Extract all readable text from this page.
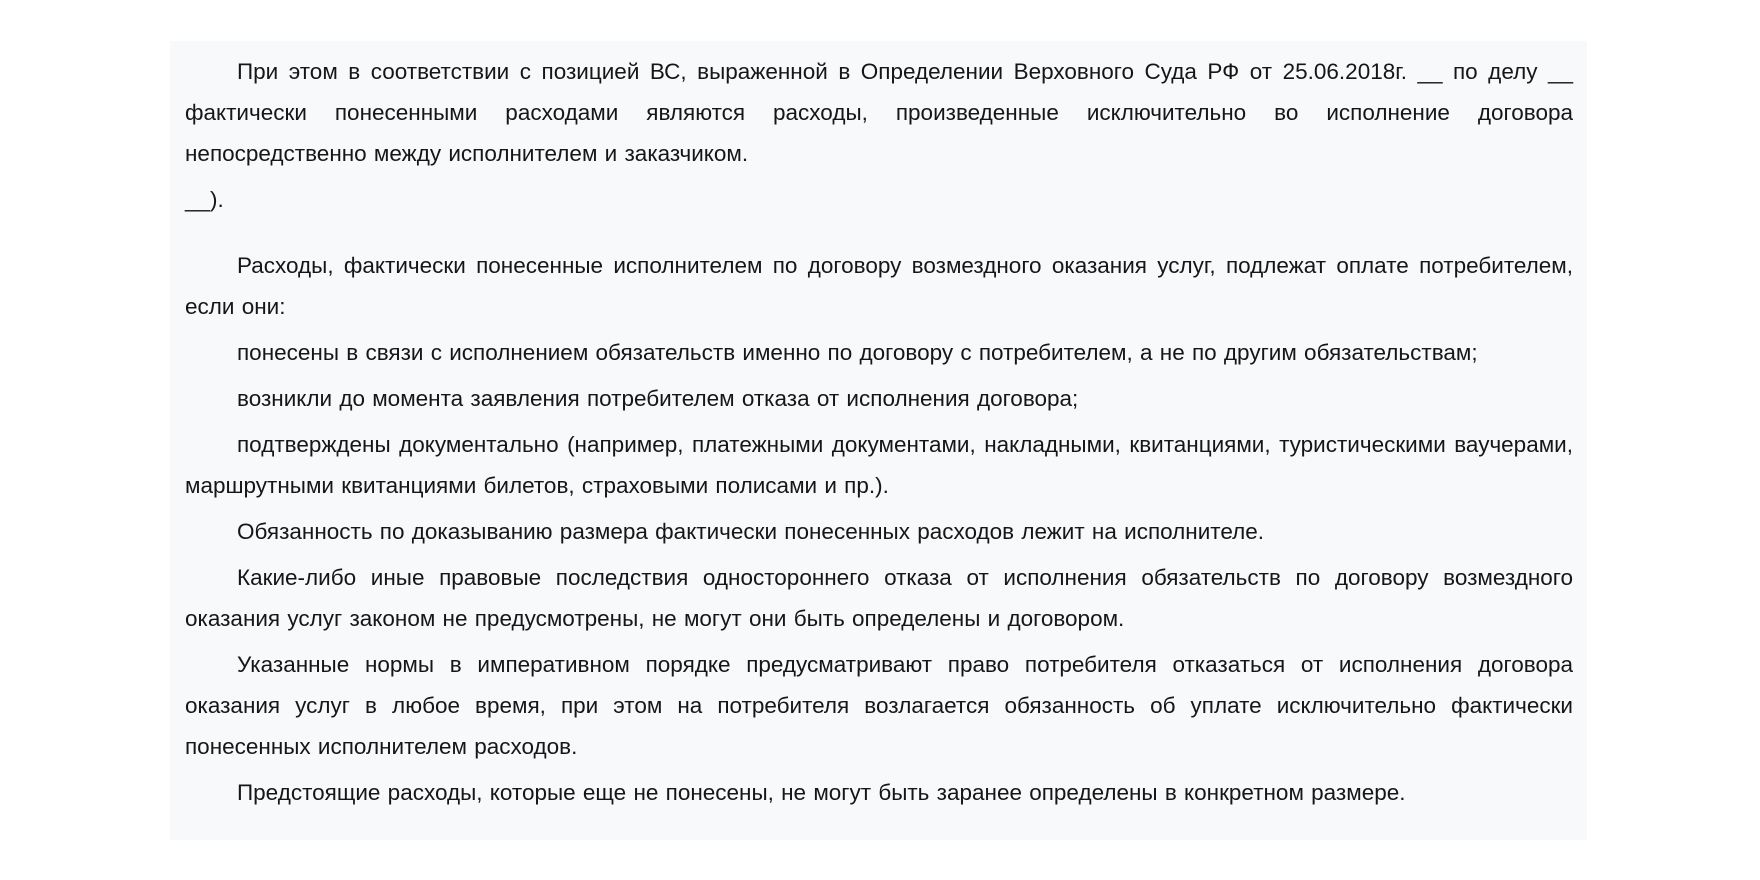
При этом в соответствии с позицией ВС, выраженной в Определении Верховного Суда РФ от 25.06.2018г. __ по делу __ фактически понесенными расходами являются расходы, произведенные исключительно во исполнение договора непосредственно между исполнителем и заказчиком.

__).

Расходы, фактически понесенные исполнителем по договору возмездного оказания услуг, подлежат оплате потребителем, если они:

понесены в связи с исполнением обязательств именно по договору с потребителем, а не по другим обязательствам;

возникли до момента заявления потребителем отказа от исполнения договора;

подтверждены документально (например, платежными документами, накладными, квитанциями, туристическими ваучерами, маршрутными квитанциями билетов, страховыми полисами и пр.).

Обязанность по доказыванию размера фактически понесенных расходов лежит на исполнителе.

Какие-либо иные правовые последствия одностороннего отказа от исполнения обязательств по договору возмездного оказания услуг законом не предусмотрены, не могут они быть определены и договором.

Указанные нормы в императивном порядке предусматривают право потребителя отказаться от исполнения договора оказания услуг в любое время, при этом на потребителя возлагается обязанность об уплате исключительно фактически понесенных исполнителем расходов.

Предстоящие расходы, которые еще не понесены, не могут быть заранее определены в конкретном размере.
